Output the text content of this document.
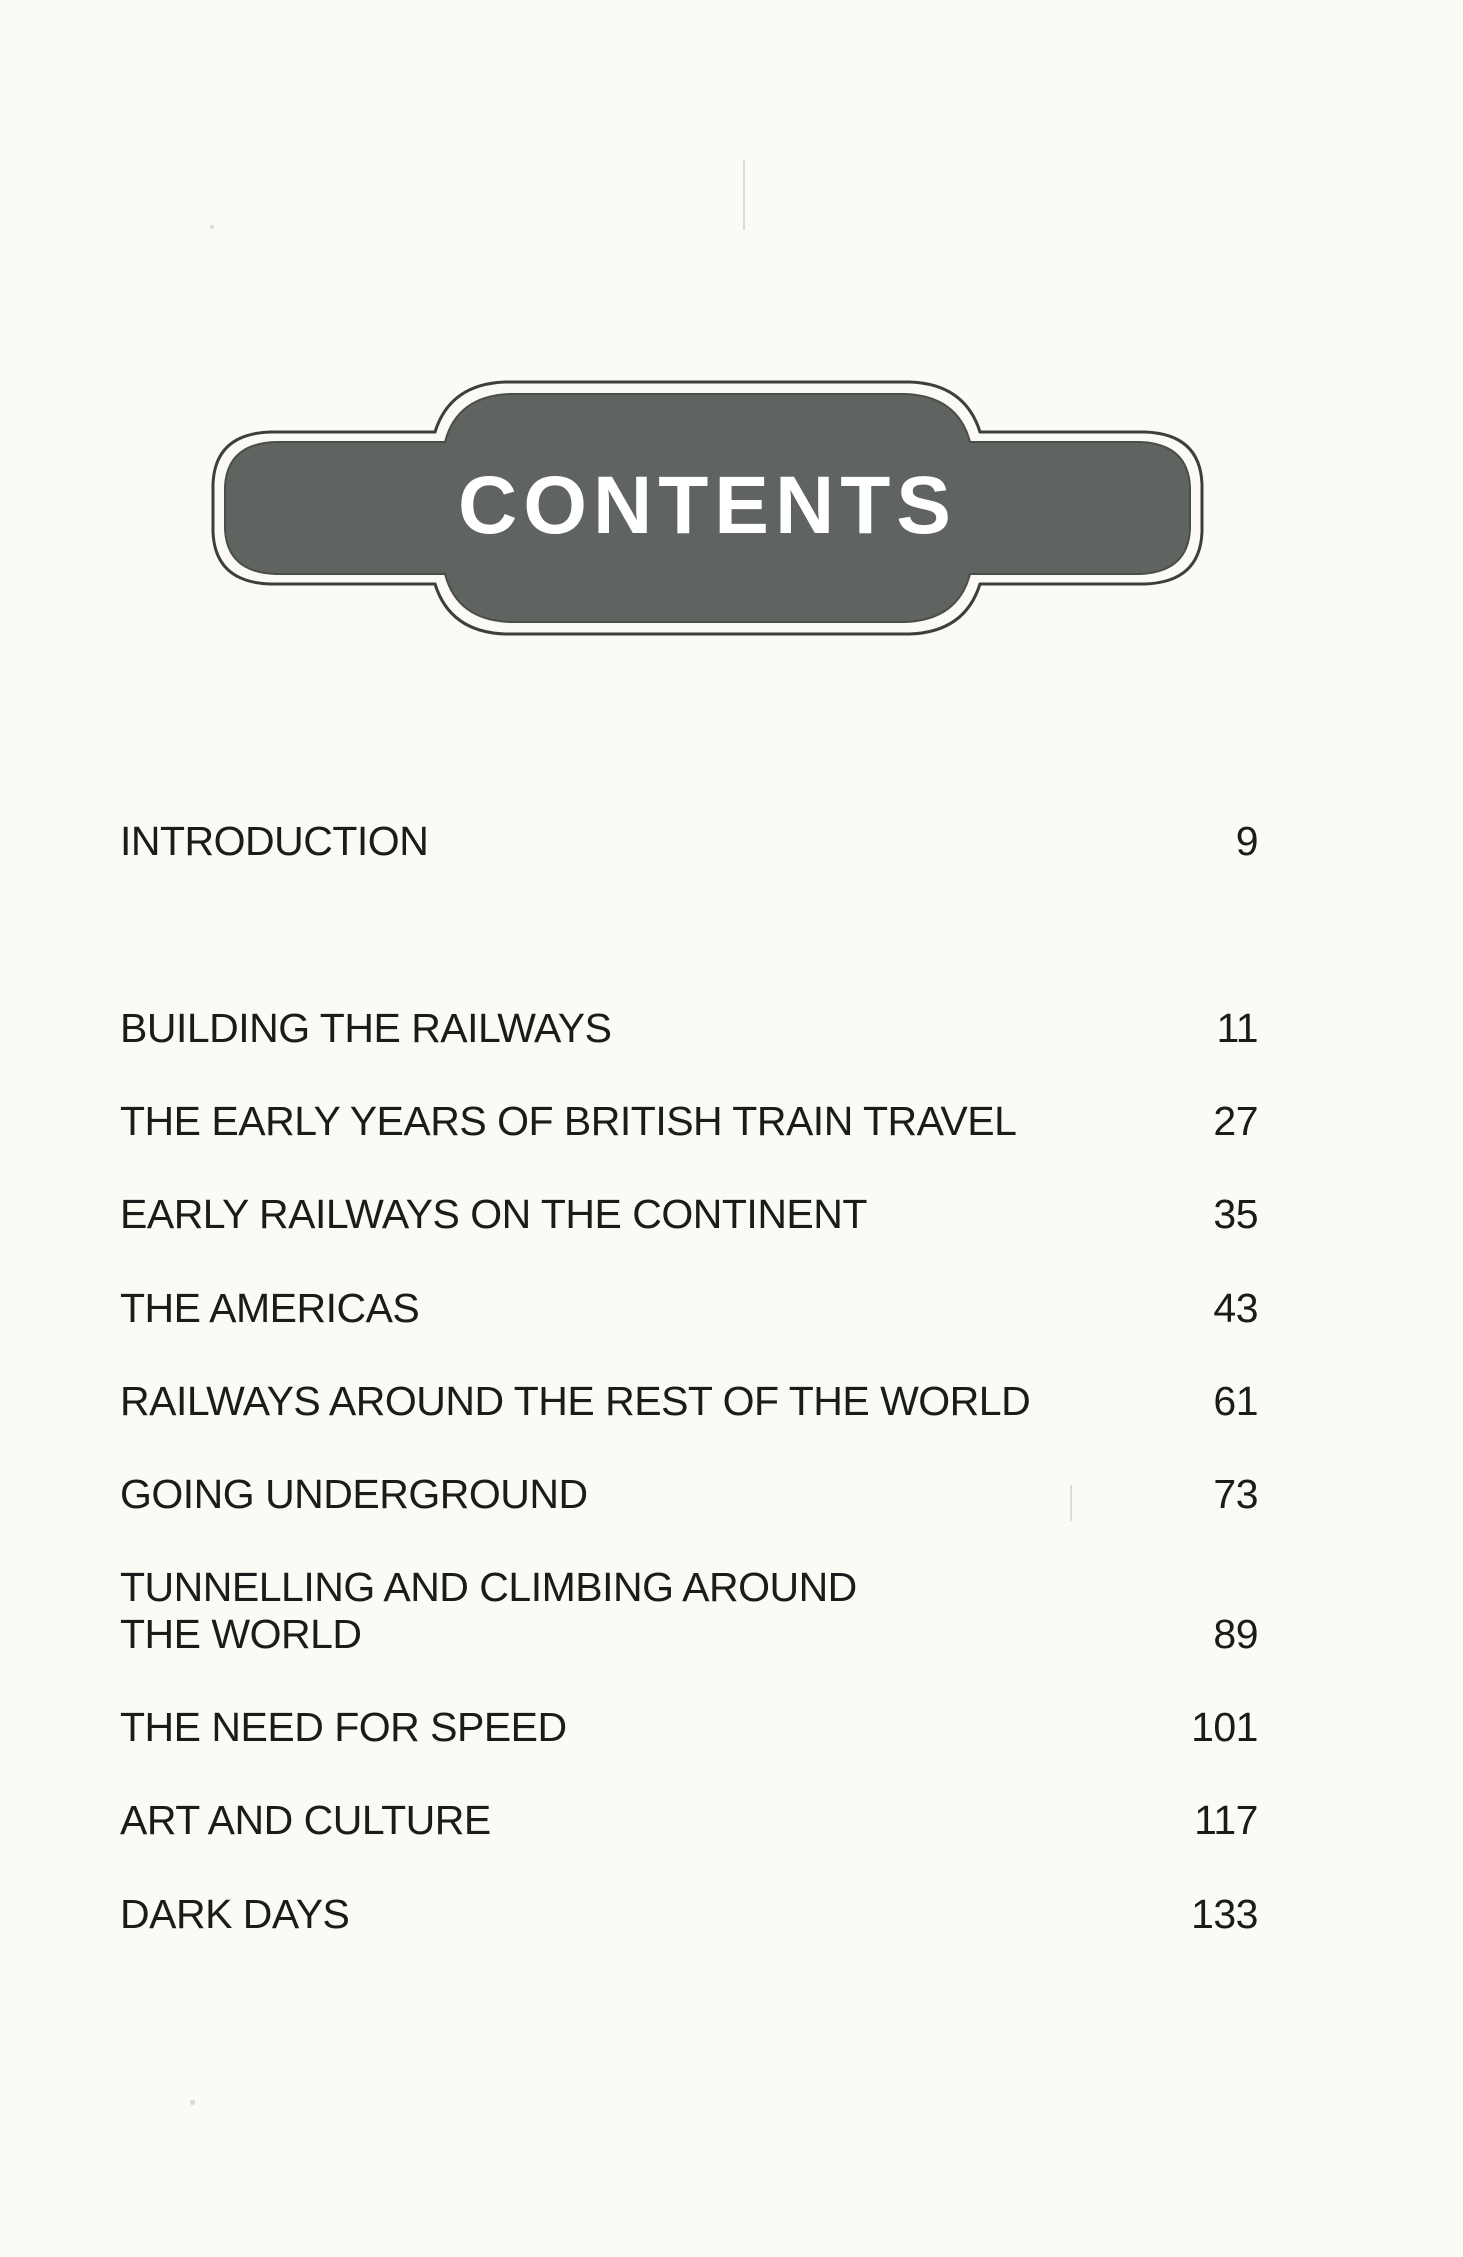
CONTENTS
INTRODUCTION	9
BUILDING THE RAILWAYS	11
THE EARLY YEARS OF BRITISH TRAIN TRAVEL	27
EARLY RAILWAYS ON THE CONTINENT	35
THE AMERICAS	43
RAILWAYS AROUND THE REST OF THE WORLD	61
GOING UNDERGROUND	73
TUNNELLING AND CLIMBING AROUND
THE WORLD	89
THE NEED FOR SPEED	101
ART AND CULTURE	117
DARK DAYS	133
